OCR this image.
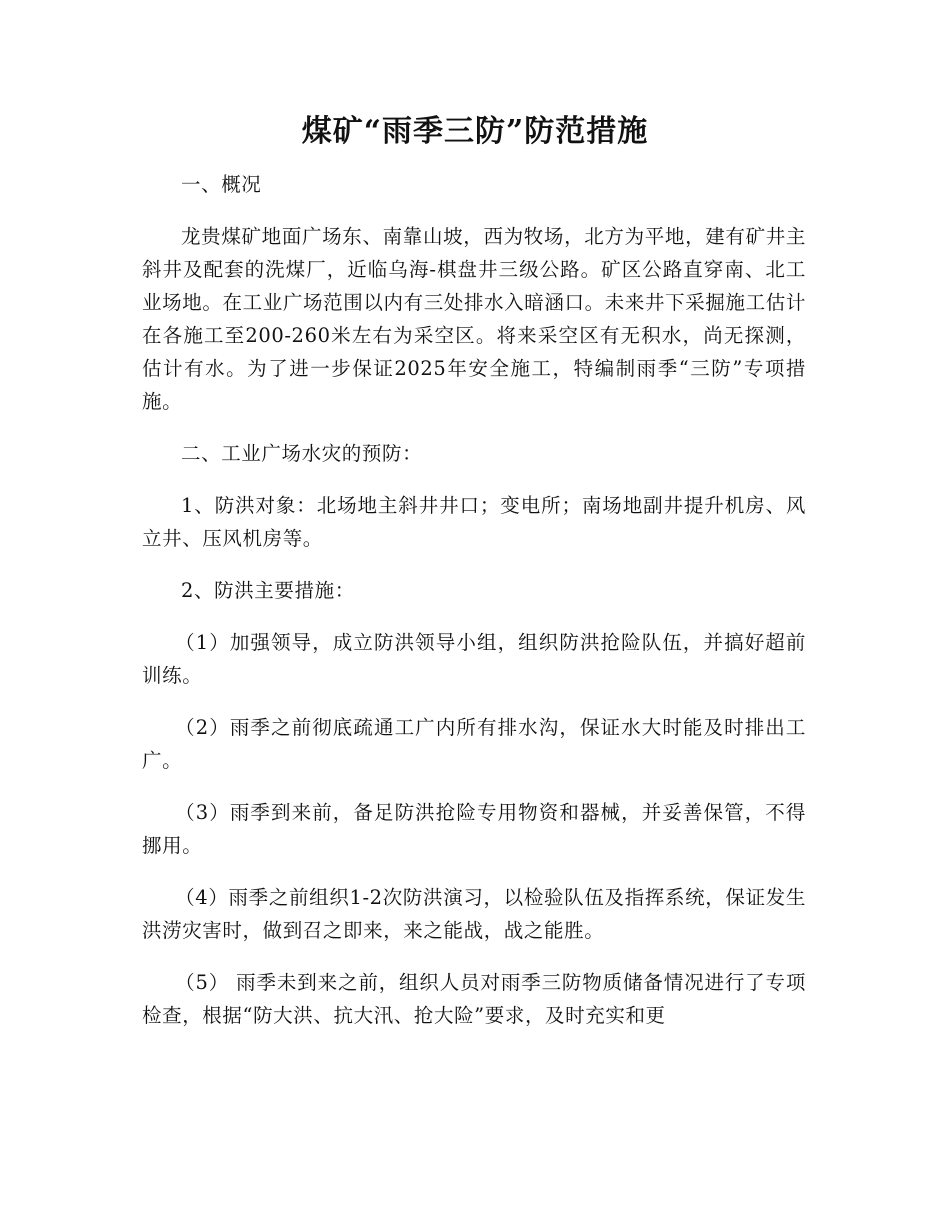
煤矿“雨季三防”防范措施

一、概况

龙贵煤矿地面广场东、南靠山坡，西为牧场，北方为平地，建有矿井主斜井及配套的洗煤厂，近临乌海-棋盘井三级公路。矿区公路直穿南、北工业场地。在工业广场范围以内有三处排水入暗涵口。未来井下采掘施工估计在各施工至200-260米左右为采空区。将来采空区有无积水，尚无探测，估计有水。为了进一步保证2025年安全施工，特编制雨季“三防”专项措施。

二、工业广场水灾的预防：

1、防洪对象：北场地主斜井井口；变电所；南场地副井提升机房、风立井、压风机房等。

2、防洪主要措施：

（1）加强领导，成立防洪领导小组，组织防洪抢险队伍，并搞好超前训练。

（2）雨季之前彻底疏通工广内所有排水沟，保证水大时能及时排出工广。

（3）雨季到来前，备足防洪抢险专用物资和器械，并妥善保管，不得挪用。

（4）雨季之前组织1-2次防洪演习，以检验队伍及指挥系统，保证发生洪涝灾害时，做到召之即来，来之能战，战之能胜。

（5） 雨季未到来之前，组织人员对雨季三防物质储备情况进行了专项检查，根据“防大洪、抗大汛、抢大险”要求，及时充实和更
